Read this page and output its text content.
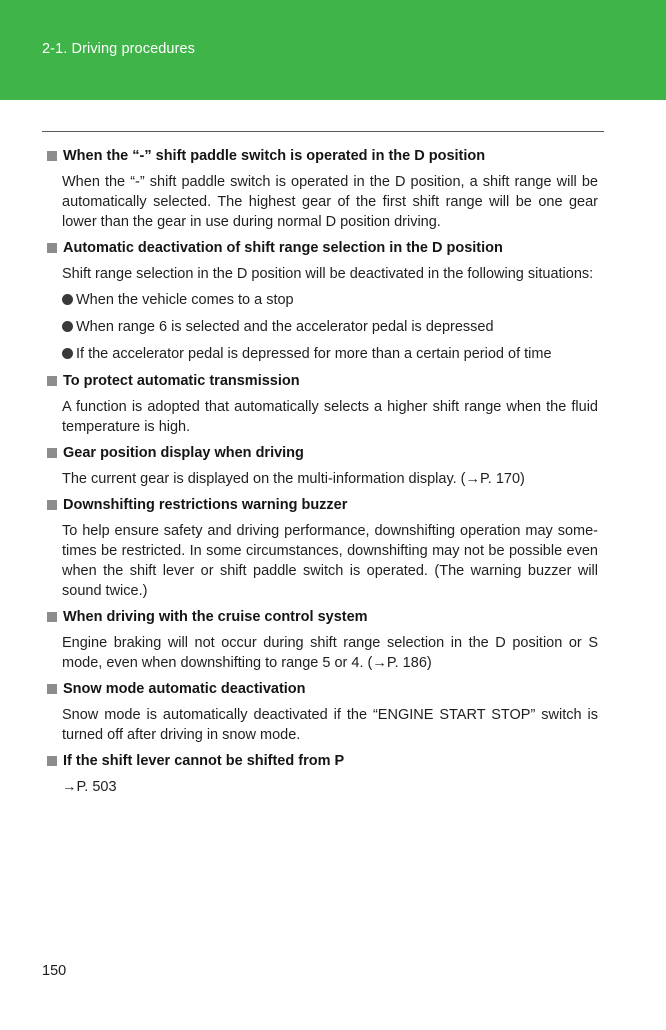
2-1. Driving procedures
When the “-” shift paddle switch is operated in the D position

When the “-” shift paddle switch is operated in the D position, a shift range will be automatically selected. The highest gear of the first shift range will be one gear lower than the gear in use during normal D position driving.

Automatic deactivation of shift range selection in the D position

Shift range selection in the D position will be deactivated in the following situations:

When the vehicle comes to a stop
When range 6 is selected and the accelerator pedal is depressed
If the accelerator pedal is depressed for more than a certain period of time
To protect automatic transmission

A function is adopted that automatically selects a higher shift range when the fluid temperature is high.

Gear position display when driving

The current gear is displayed on the multi-information display. (→P. 170)

Downshifting restrictions warning buzzer

To help ensure safety and driving performance, downshifting operation may some-times be restricted. In some circumstances, downshifting may not be possible even when the shift lever or shift paddle switch is operated. (The warning buzzer will sound twice.)

When driving with the cruise control system

Engine braking will not occur during shift range selection in the D position or S mode, even when downshifting to range 5 or 4. (→P. 186)

Snow mode automatic deactivation

Snow mode is automatically deactivated if the “ENGINE START STOP” switch is turned off after driving in snow mode.

If the shift lever cannot be shifted from P

→P. 503

150
